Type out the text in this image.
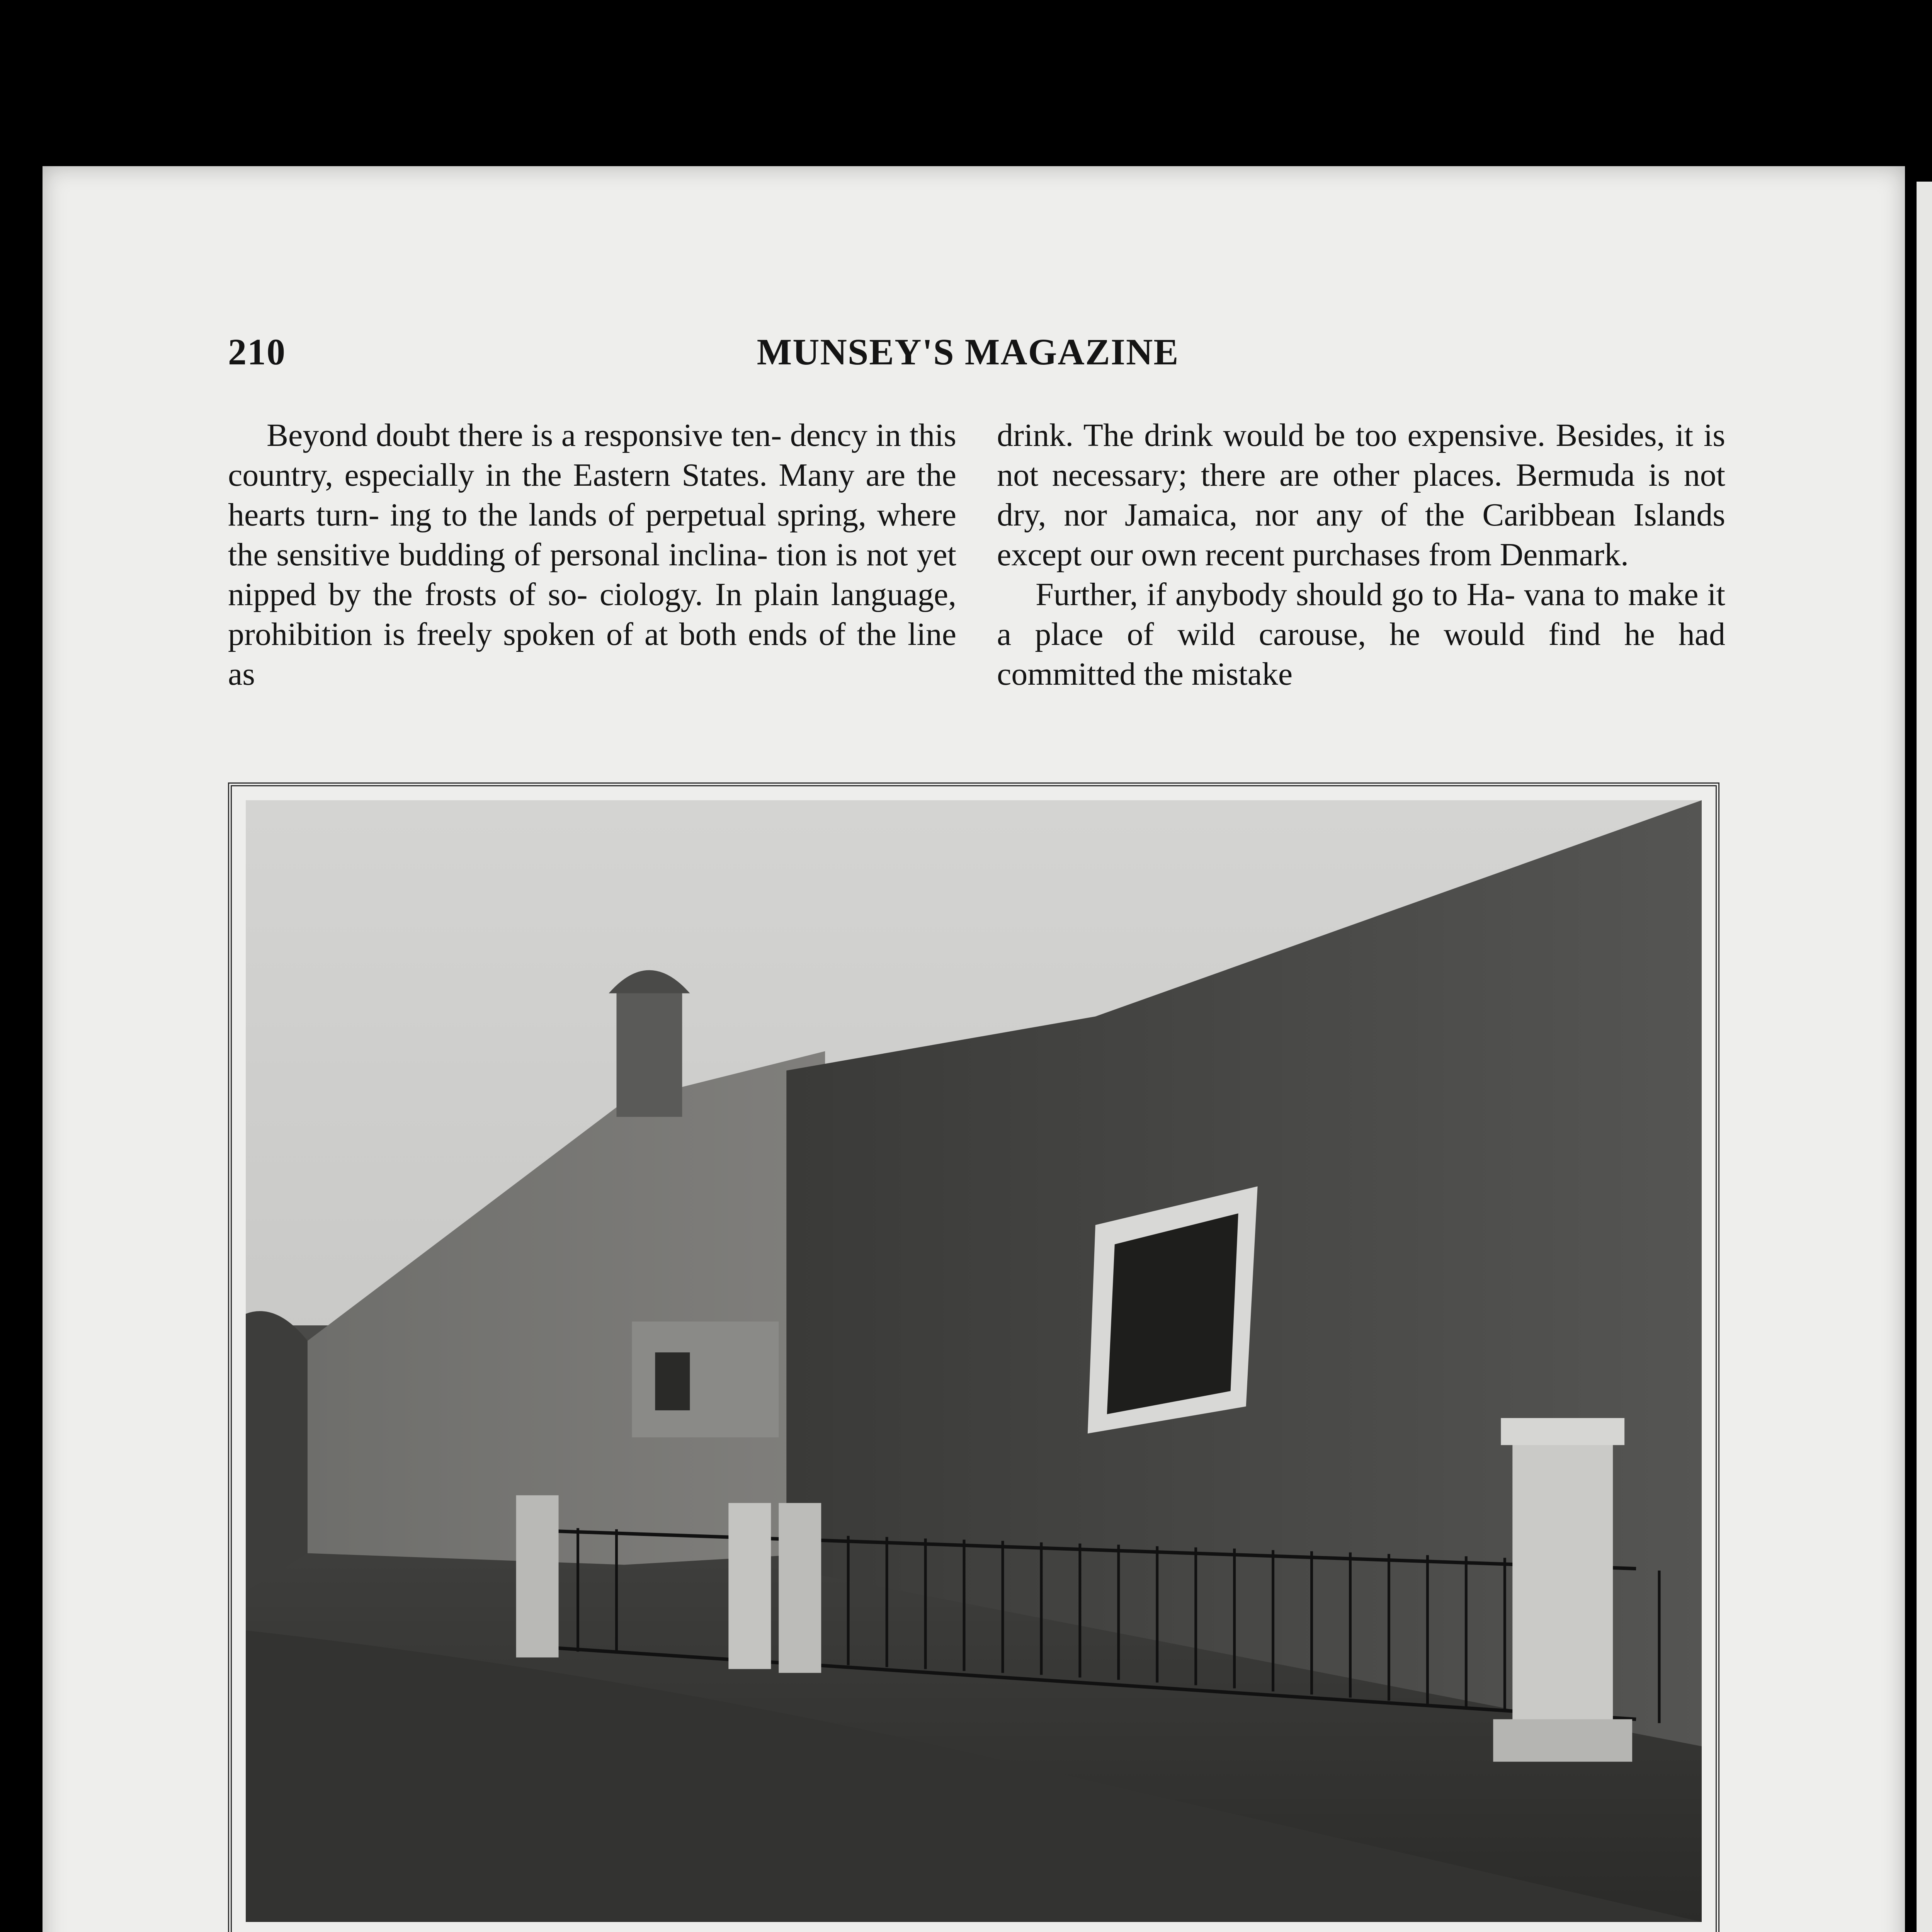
210	MUNSEY'S MAGAZINE

Beyond doubt there is a responsive ten- dency in this country, especially in the Eastern States. Many are the hearts turn- ing to the lands of perpetual spring, where the sensitive budding of personal inclina- tion is not yet nipped by the frosts of so- ciology. In plain language, prohibition is freely spoken of at both ends of the line as

drink. The drink would be too expensive. Besides, it is not necessary; there are other places. Bermuda is not dry, nor Jamaica, nor any of the Caribbean Islands except our own recent purchases from Denmark.

Further, if anybody should go to Ha- vana to make it a place of wild carouse, he would find he had committed the mistake
